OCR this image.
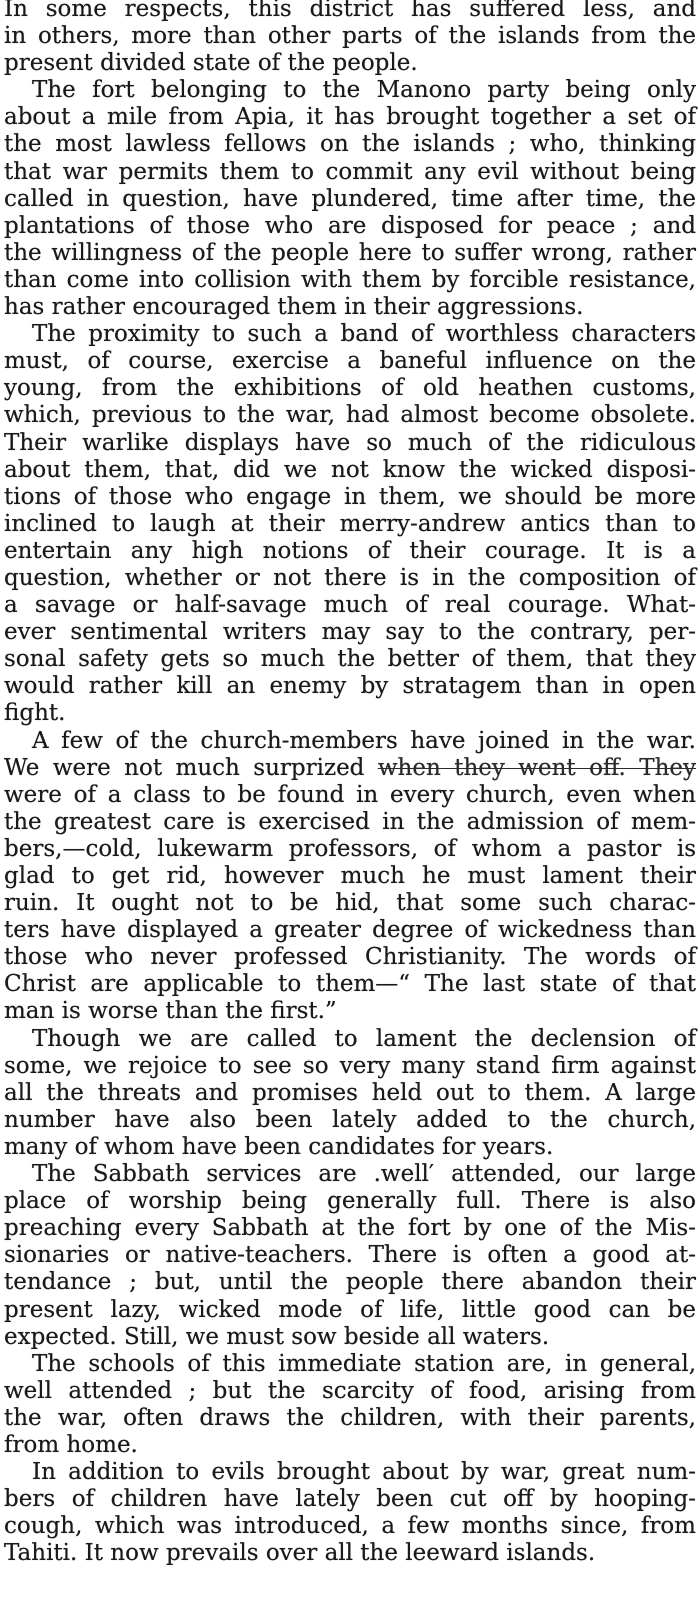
In some respects, this district has suffered less, and
in others, more than other parts of the islands from the
present divided state of the people.
The fort belonging to the Manono party being only
about a mile from Apia, it has brought together a set of
the most lawless fellows on the islands ; who, thinking
that war permits them to commit any evil without being
called in question, have plundered, time after time, the
plantations of those who are disposed for peace ; and
the willingness of the people here to suffer wrong, rather
than come into collision with them by forcible resistance,
has rather encouraged them in their aggressions.
The proximity to such a band of worthless characters
must, of course, exercise a baneful influence on the
young, from the exhibitions of old heathen customs,
which, previous to the war, had almost become obsolete.
Their warlike displays have so much of the ridiculous
about them, that, did we not know the wicked disposi-
tions of those who engage in them, we should be more
inclined to laugh at their merry-andrew antics than to
entertain any high notions of their courage. It is a
question, whether or not there is in the composition of
a savage or half-savage much of real courage. What-
ever sentimental writers may say to the contrary, per-
sonal safety gets so much the better of them, that they
would rather kill an enemy by stratagem than in open
fight.
A few of the church-members have joined in the war.
We were not much surprized when they went off. They
were of a class to be found in every church, even when
the greatest care is exercised in the admission of mem-
bers,—cold, lukewarm professors, of whom a pastor is
glad to get rid, however much he must lament their
ruin. It ought not to be hid, that some such charac-
ters have displayed a greater degree of wickedness than
those who never professed Christianity. The words of
Christ are applicable to them—“ The last state of that
man is worse than the first.”
Though we are called to lament the declension of
some, we rejoice to see so very many stand firm against
all the threats and promises held out to them. A large
number have also been lately added to the church,
many of whom have been candidates for years.
The Sabbath services are .well′ attended, our large
place of worship being generally full. There is also
preaching every Sabbath at the fort by one of the Mis-
sionaries or native-teachers. There is often a good at-
tendance ; but, until the people there abandon their
present lazy, wicked mode of life, little good can be
expected. Still, we must sow beside all waters.
The schools of this immediate station are, in general,
well attended ; but the scarcity of food, arising from
the war, often draws the children, with their parents,
from home.
In addition to evils brought about by war, great num-
bers of children have lately been cut off by hooping-
cough, which was introduced, a few months since, from
Tahiti. It now prevails over all the leeward islands.
